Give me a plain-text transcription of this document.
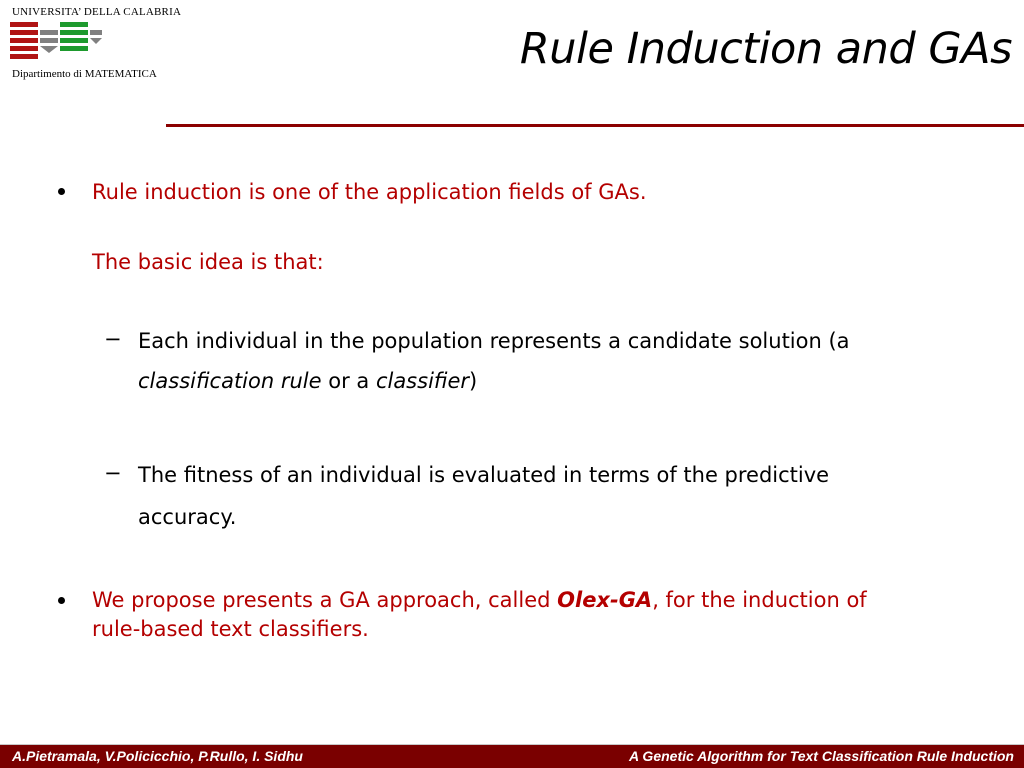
UNIVERSITA’ DELLA CALABRIA
Dipartimento di MATEMATICA	Rule Induction and GAs
Rule induction is one of the application fields of GAs.
The basic idea is that:
− Each individual in the population represents a candidate solution (a
classification rule or a classifier)
− The fitness of an individual is evaluated in terms of the predictive
accuracy.
We propose presents a GA approach, called Olex-GA, for the induction of
rule-based text classifiers.
A.Pietramala, V.Policicchio, P.Rullo, I. Sidhu	A Genetic Algorithm for Text Classification Rule Induction
